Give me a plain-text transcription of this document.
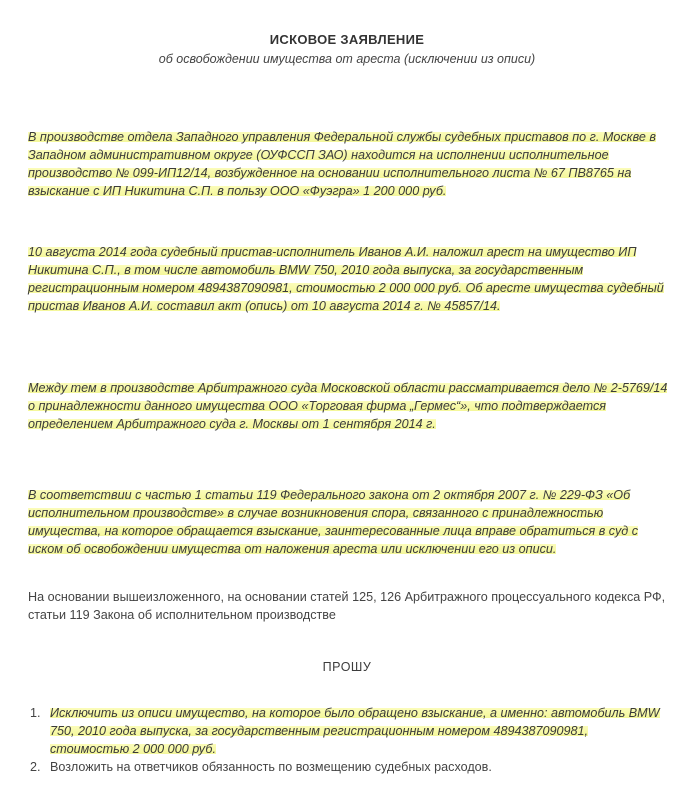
ИСКОВОЕ ЗАЯВЛЕНИЕ
об освобождении имущества от ареста (исключении из описи)
В производстве отдела Западного управления Федеральной службы судебных приставов по г. Москве в Западном административном округе (ОУФССП ЗАО) находится на исполнении исполнительное производство № 099-ИП12/14, возбужденное на основании исполнительного листа № 67 ПВ8765 на взыскание с ИП Никитина С.П. в пользу ООО «Фуэгра» 1 200 000 руб.
10 августа 2014 года судебный пристав-исполнитель Иванов А.И. наложил арест на имущество ИП Никитина С.П., в том числе автомобиль BMW 750, 2010 года выпуска, за государственным регистрационным номером 4894387090981, стоимостью 2 000 000 руб. Об аресте имущества судебный пристав Иванов А.И. составил акт (опись) от 10 августа 2014 г. № 45857/14.
Между тем в производстве Арбитражного суда Московской области рассматривается дело № 2-5769/14 о принадлежности данного имущества ООО «Торговая фирма „Гермес“», что подтверждается определением Арбитражного суда г. Москвы от 1 сентября 2014 г.
В соответствии с частью 1 статьи 119 Федерального закона от 2 октября 2007 г. № 229-ФЗ «Об исполнительном производстве» в случае возникновения спора, связанного с принадлежностью имущества, на которое обращается взыскание, заинтересованные лица вправе обратиться в суд с иском об освобождении имущества от наложения ареста или исключении его из описи.
На основании вышеизложенного, на основании статей 125, 126 Арбитражного процессуального кодекса РФ, статьи 119 Закона об исполнительном производстве
ПРОШУ
1. Исключить из описи имущество, на которое было обращено взыскание, а именно: автомобиль BMW 750, 2010 года выпуска, за государственным регистрационным номером 4894387090981, стоимостью 2 000 000 руб.
2. Возложить на ответчиков обязанность по возмещению судебных расходов.
